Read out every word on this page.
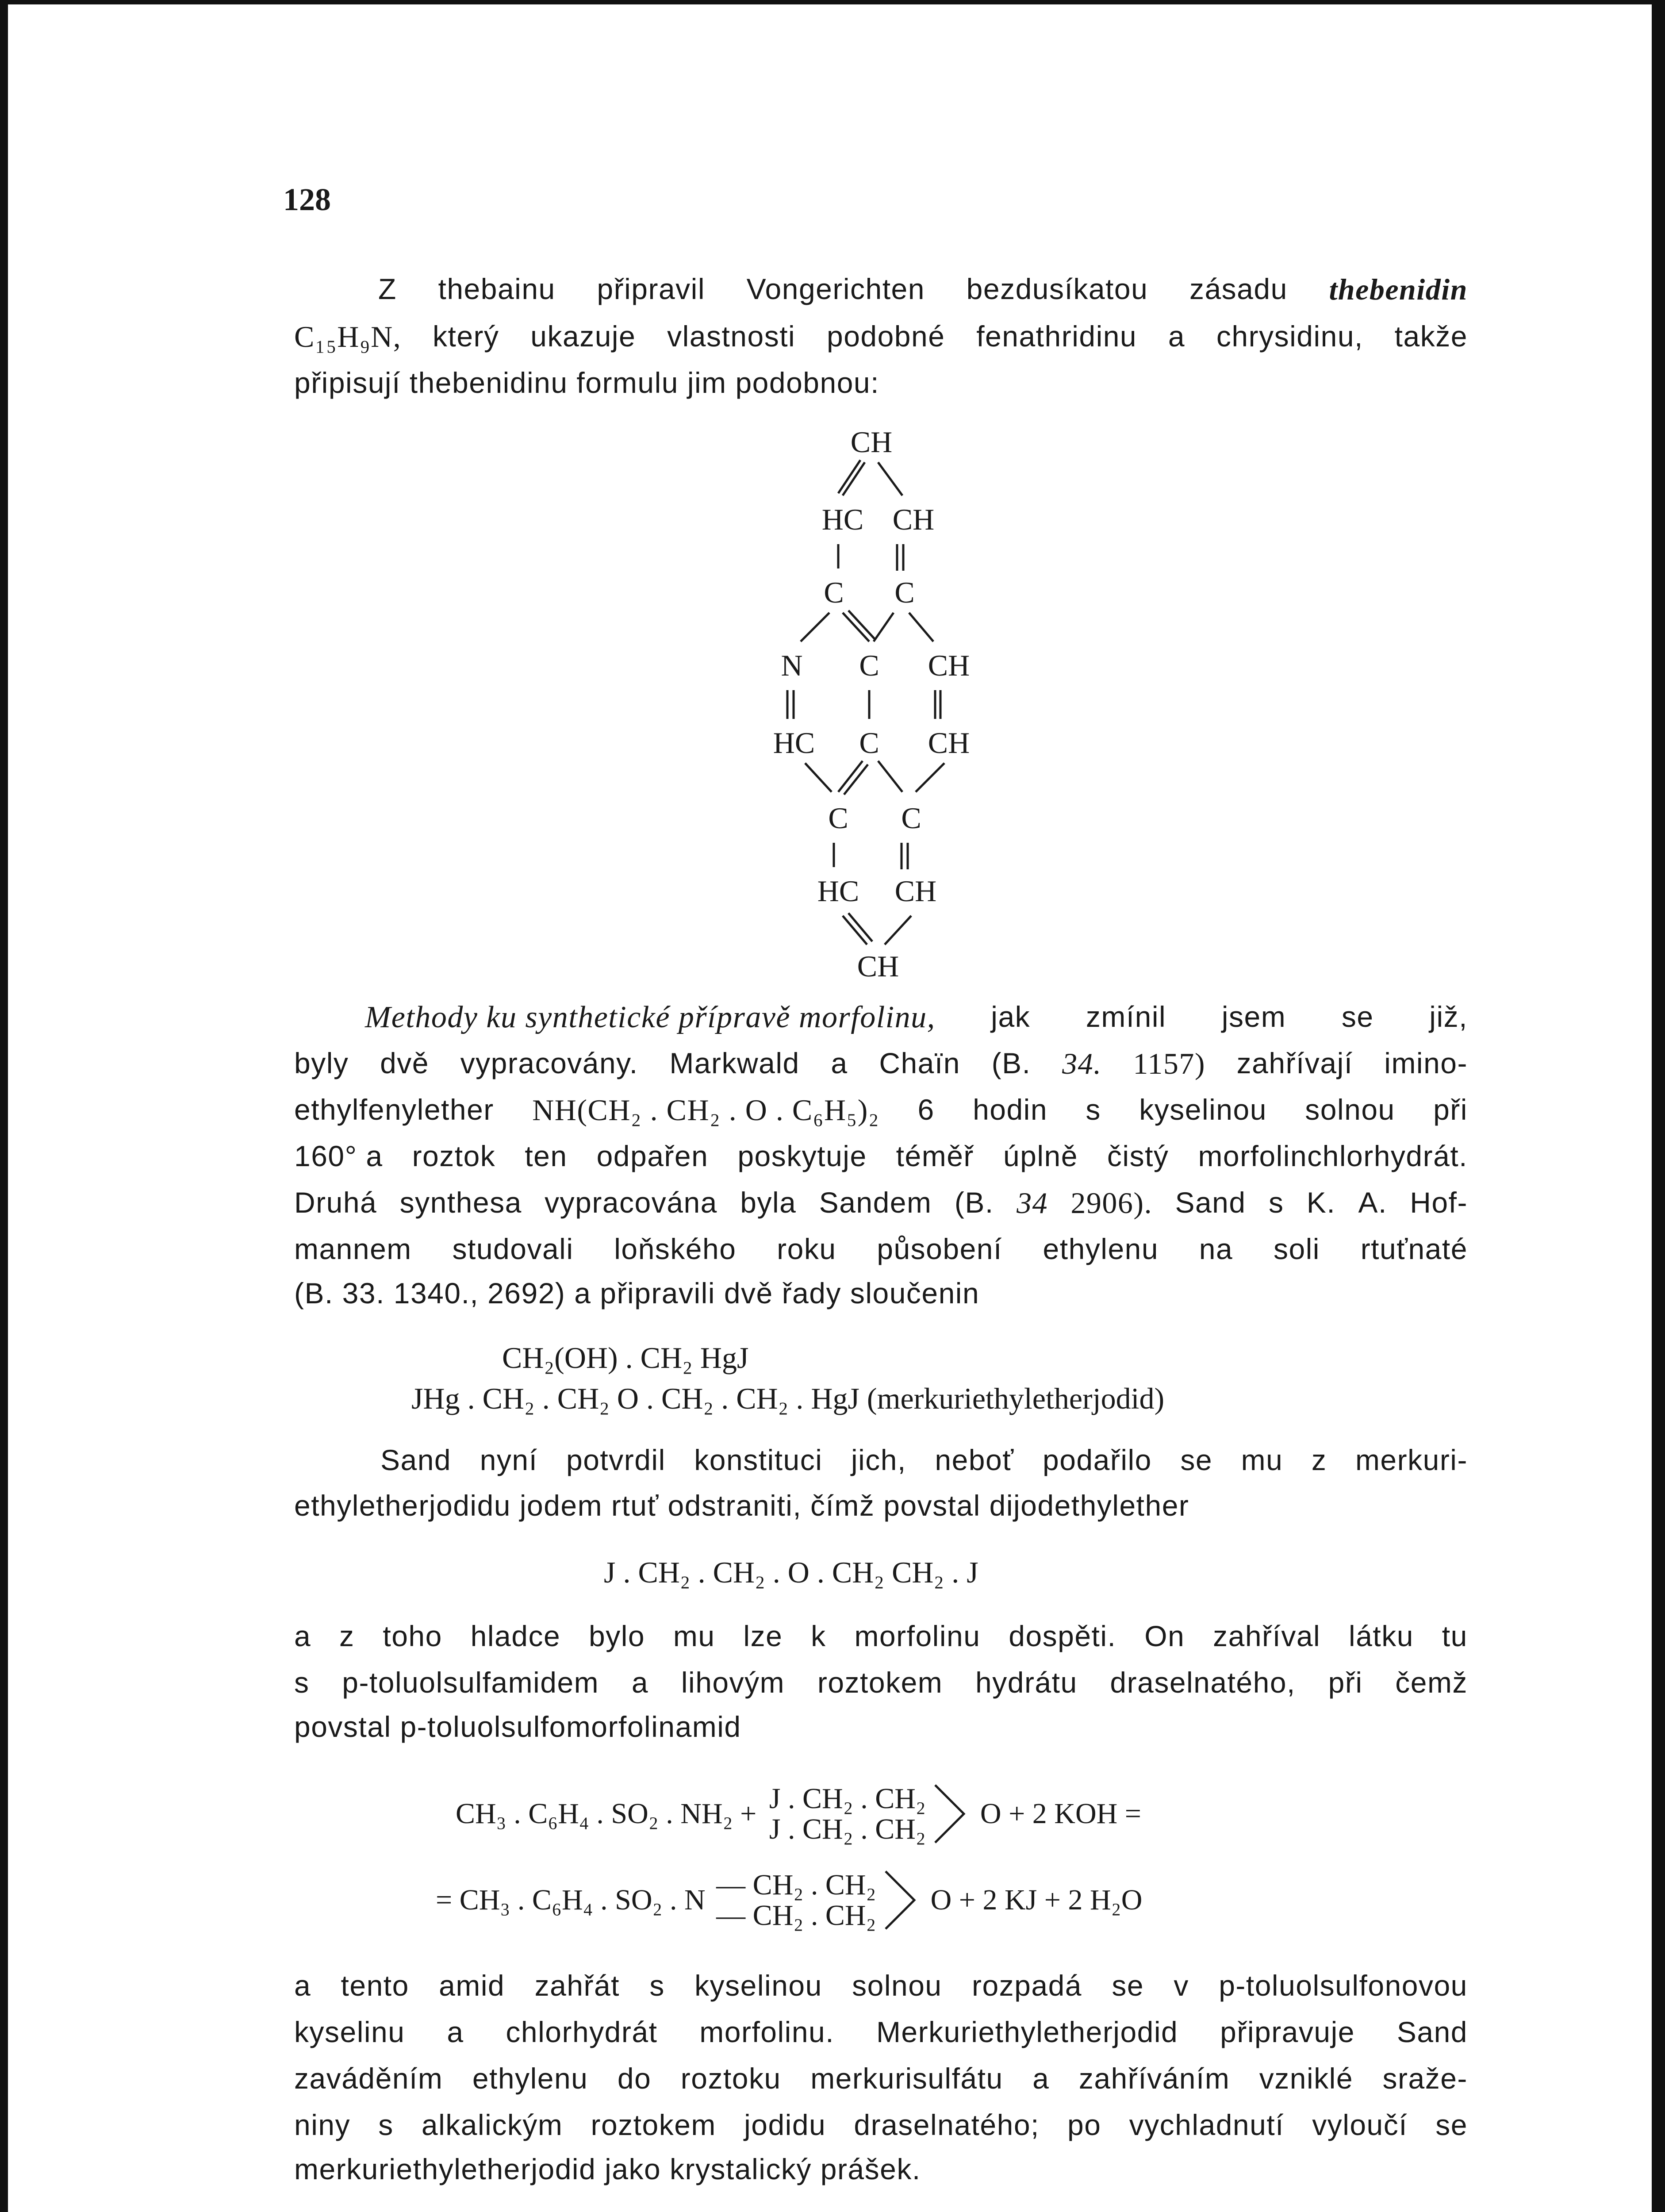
128
Z thebainu připravil Vongerichten bezdusíkatou zásadu thebenidin
C₁₅H₉N, který ukazuje vlastnosti podobné fenathridinu a chrysidinu, takže
připisují thebenidinu formulu jim podobnou:
CH
HC CH
C C
N C CH
HC C CH
C C
HC CH
CH
Methody ku synthetické přípravě morfolinu, jak zmínil jsem se již,
byly dvě vypracovány. Markwald a Chaïn (B. 34. 1157) zahřívají imino-
ethylfenylether NH(CH₂ . CH₂ . O . C₆H₅)₂ 6 hodin s kyselinou solnou při
160° a roztok ten odpařen poskytuje téměř úplně čistý morfolinchlorhydrát.
Druhá synthesa vypracována byla Sandem (B. 34 2906). Sand s K. A. Hof-
mannem studovali loňského roku působení ethylenu na soli rtuťnaté
(B. 33. 1340., 2692) a připravili dvě řady sloučenin
CH₂(OH) . CH₂ HgJ
JHg . CH₂ . CH₂ O . CH₂ . CH₂ . HgJ (merkuriethyletherjodid)
Sand nyní potvrdil konstituci jich, neboť podařilo se mu z merkuri-
ethyletherjodidu jodem rtuť odstraniti, čímž povstal dijodethylether
J . CH₂ . CH₂ . O . CH₂ CH₂ . J
a z toho hladce bylo mu lze k morfolinu dospěti. On zahříval látku tu
s p-toluolsulfamidem a lihovým roztokem hydrátu draselnatého, při čemž
povstal p-toluolsulfomorfolinamid
CH₃ . C₆H₄ . SO₂ . NH₂ + J . CH₂ . CH₂
J . CH₂ . CH₂ O + 2 KOH =
= CH₃ . C₆H₄ . SO₂ . N — CH₂ . CH₂
— CH₂ . CH₂ O + 2 KJ + 2 H₂O
a tento amid zahřát s kyselinou solnou rozpadá se v p-toluolsulfonovou
kyselinu a chlorhydrát morfolinu. Merkuriethyletherjodid připravuje Sand
zaváděním ethylenu do roztoku merkurisulfátu a zahříváním vzniklé sraže-
niny s alkalickým roztokem jodidu draselnatého; po vychladnutí vyloučí se
merkuriethyletherjodid jako krystalický prášek.
